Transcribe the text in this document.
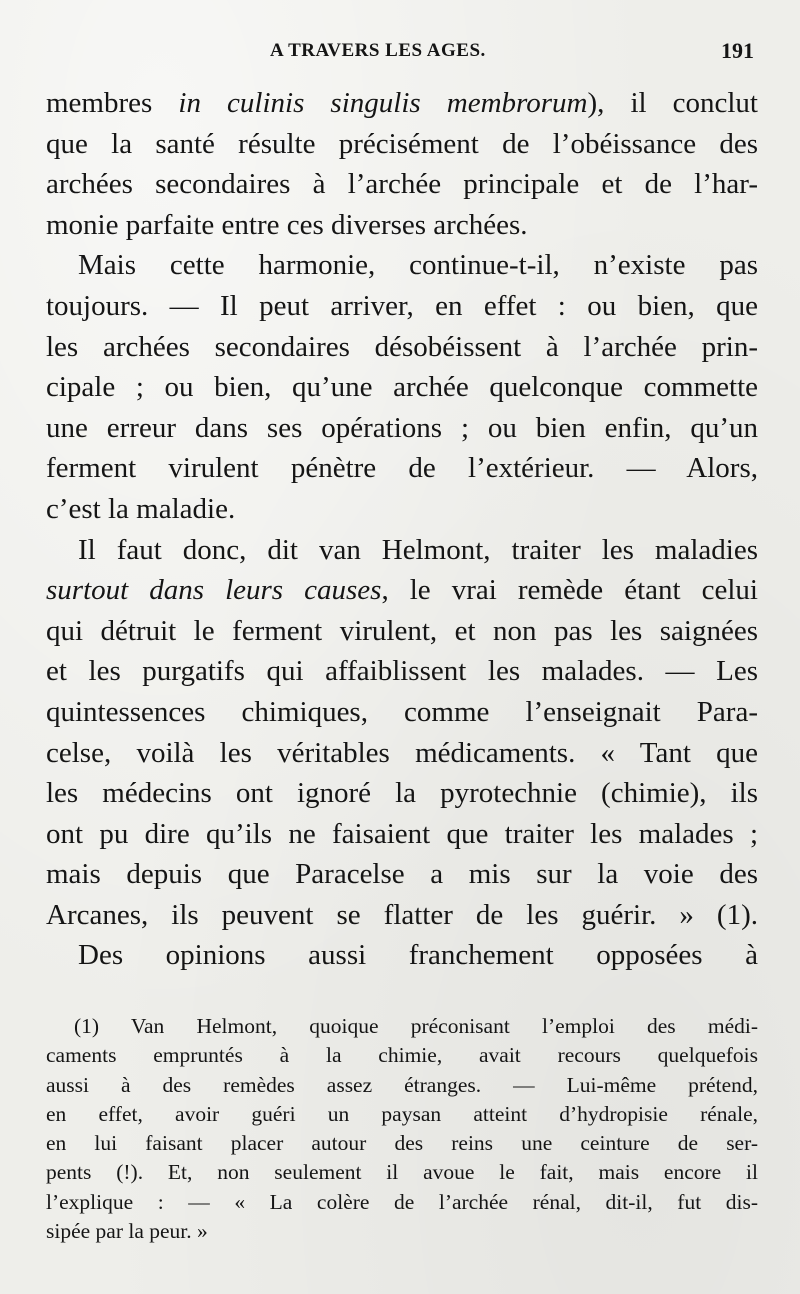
A TRAVERS LES AGES.	191
membres in culinis singulis membrorum), il conclut
que la santé résulte précisément de l’obéissance des
archées secondaires à l’archée principale et de l’har-
monie parfaite entre ces diverses archées.
Mais cette harmonie, continue-t-il, n’existe pas
toujours. — Il peut arriver, en effet : ou bien, que
les archées secondaires désobéissent à l’archée prin-
cipale ; ou bien, qu’une archée quelconque commette
une erreur dans ses opérations ; ou bien enfin, qu’un
ferment virulent pénètre de l’extérieur. — Alors,
c’est la maladie.
Il faut donc, dit van Helmont, traiter les maladies
surtout dans leurs causes, le vrai remède étant celui
qui détruit le ferment virulent, et non pas les saignées
et les purgatifs qui affaiblissent les malades. — Les
quintessences chimiques, comme l’enseignait Para-
celse, voilà les véritables médicaments. « Tant que
les médecins ont ignoré la pyrotechnie (chimie), ils
ont pu dire qu’ils ne faisaient que traiter les malades ;
mais depuis que Paracelse a mis sur la voie des
Arcanes, ils peuvent se flatter de les guérir. » (1).
Des opinions aussi franchement opposées à
(1) Van Helmont, quoique préconisant l’emploi des médi-
caments empruntés à la chimie, avait recours quelquefois
aussi à des remèdes assez étranges. — Lui-même prétend,
en effet, avoir guéri un paysan atteint d’hydropisie rénale,
en lui faisant placer autour des reins une ceinture de ser-
pents (!). Et, non seulement il avoue le fait, mais encore il
l’explique : — « La colère de l’archée rénal, dit-il, fut dis-
sipée par la peur. »
